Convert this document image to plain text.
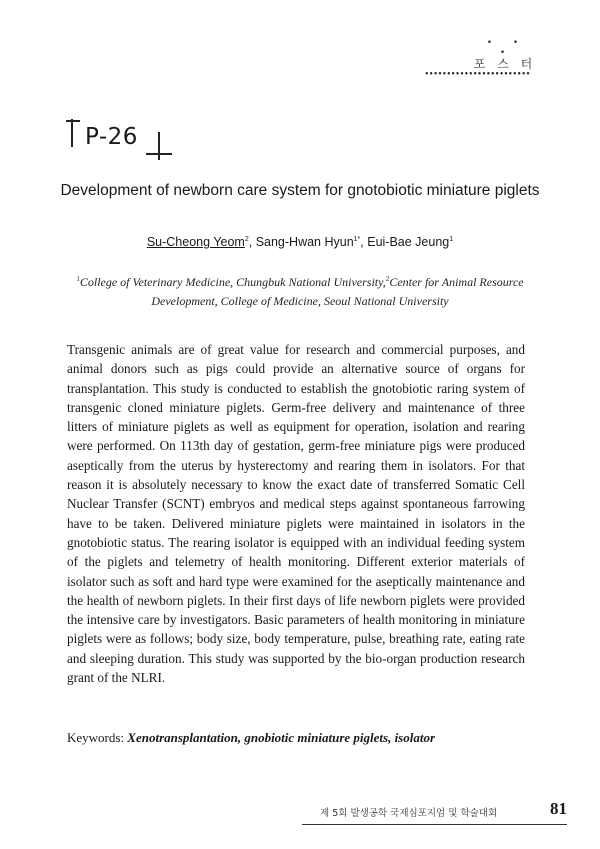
• • •
포 스 터
••••••••••••••••••••••••
P-26
Development of newborn care system for gnotobiotic miniature piglets
Su-Cheong Yeom$^2$, Sang-Hwan Hyun$^{1*}$, Eui-Bae Jeung$^1$
$^1$College of Veterinary Medicine, Chungbuk National University,$^2$Center for Animal Resource Development, College of Medicine, Seoul National University

Transgenic animals are of great value for research and commercial purposes, and animal donors such as pigs could provide an alternative source of organs for transplantation. This study is conducted to establish the gnotobiotic raring system of transgenic cloned miniature piglets. Germ-free delivery and maintenance of three litters of miniature piglets as well as equipment for operation, isolation and rearing were performed. On 113th day of gestation, germ-free miniature pigs were produced aseptically from the uterus by hysterectomy and rearing them in isolators. For that reason it is absolutely necessary to know the exact date of transferred Somatic Cell Nuclear Transfer (SCNT) embryos and medical steps against spontaneous farrowing have to be taken. Delivered miniature piglets were maintained in isolators in the gnotobiotic status. The rearing isolator is equipped with an individual feeding system of the piglets and telemetry of health monitoring. Different exterior materials of isolator such as soft and hard type were examined for the aseptically maintenance and the health of newborn piglets. In their first days of life newborn piglets were provided the intensive care by investigators. Basic parameters of health monitoring in miniature piglets were as follows; body size, body temperature, pulse, breathing rate, eating rate and sleeping duration. This study was supported by the bio-organ production research grant of the NLRI.

Keywords: Xenotransplantation, gnobiotic miniature piglets, isolator
제 5회 발생공학 국제심포지엄 및 학술대회	81
